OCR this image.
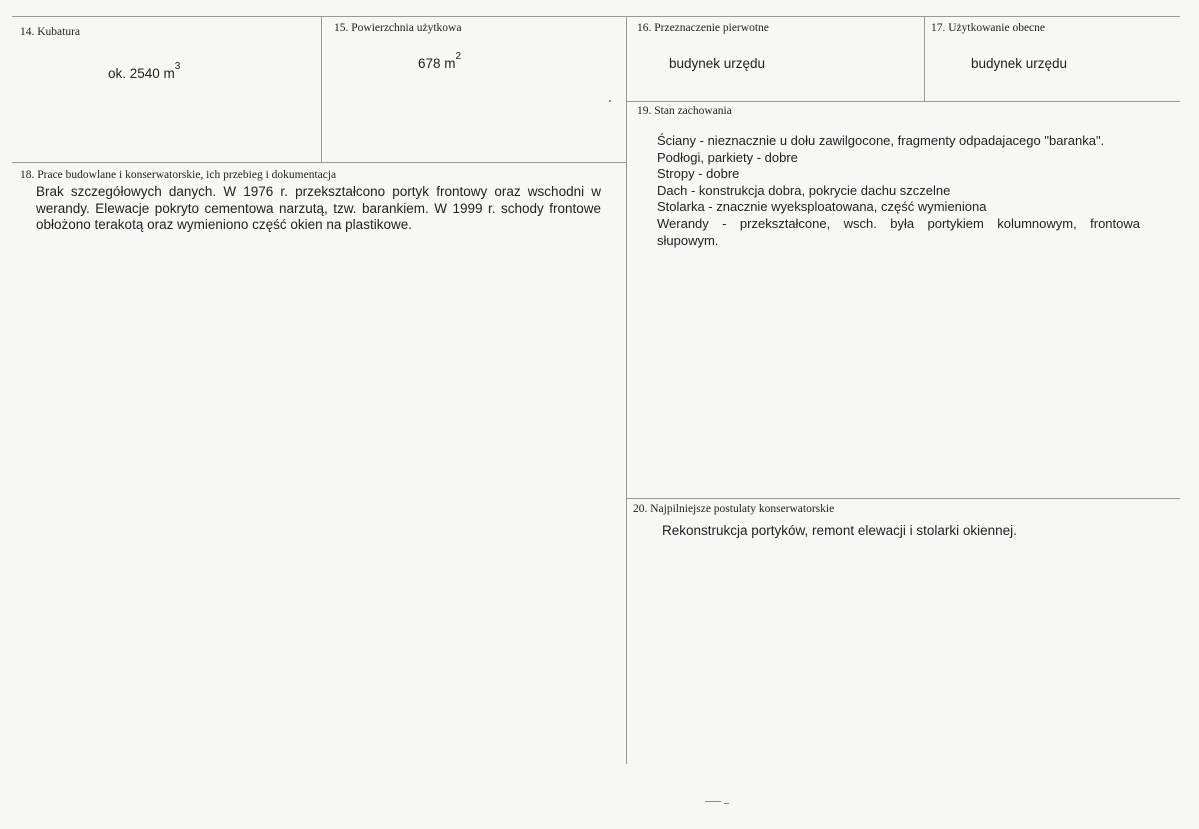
14. Kubatura
ok. 2540 $m^3$
15. Powierzchnia użytkowa
678 $m^2$
16. Przeznaczenie pierwotne
budynek urzędu
17. Użytkowanie obecne
budynek urzędu
18. Prace budowlane i konserwatorskie, ich przebieg i dokumentacja
Brak szczegółowych danych. W 1976 r. przekształcono portyk frontowy oraz wschodni w
werandy. Elewacje pokryto cementowa narzutą, tzw. barankiem. W 1999 r. schody frontowe
obłożono terakotą oraz wymieniono część okien na plastikowe.
19. Stan zachowania
Ściany - nieznacznie u dołu zawilgocone, fragmenty odpadajacego "baranka".
Podłogi, parkiety - dobre
Stropy - dobre
Dach - konstrukcja dobra, pokrycie dachu szczelne
Stolarka - znacznie wyeksploatowana, część wymieniona
Werandy - przekształcone, wsch. była portykiem kolumnowym, frontowa
słupowym.
20. Najpilniejsze postulaty konserwatorskie
Rekonstrukcja portyków, remont elewacji i stolarki okiennej.
